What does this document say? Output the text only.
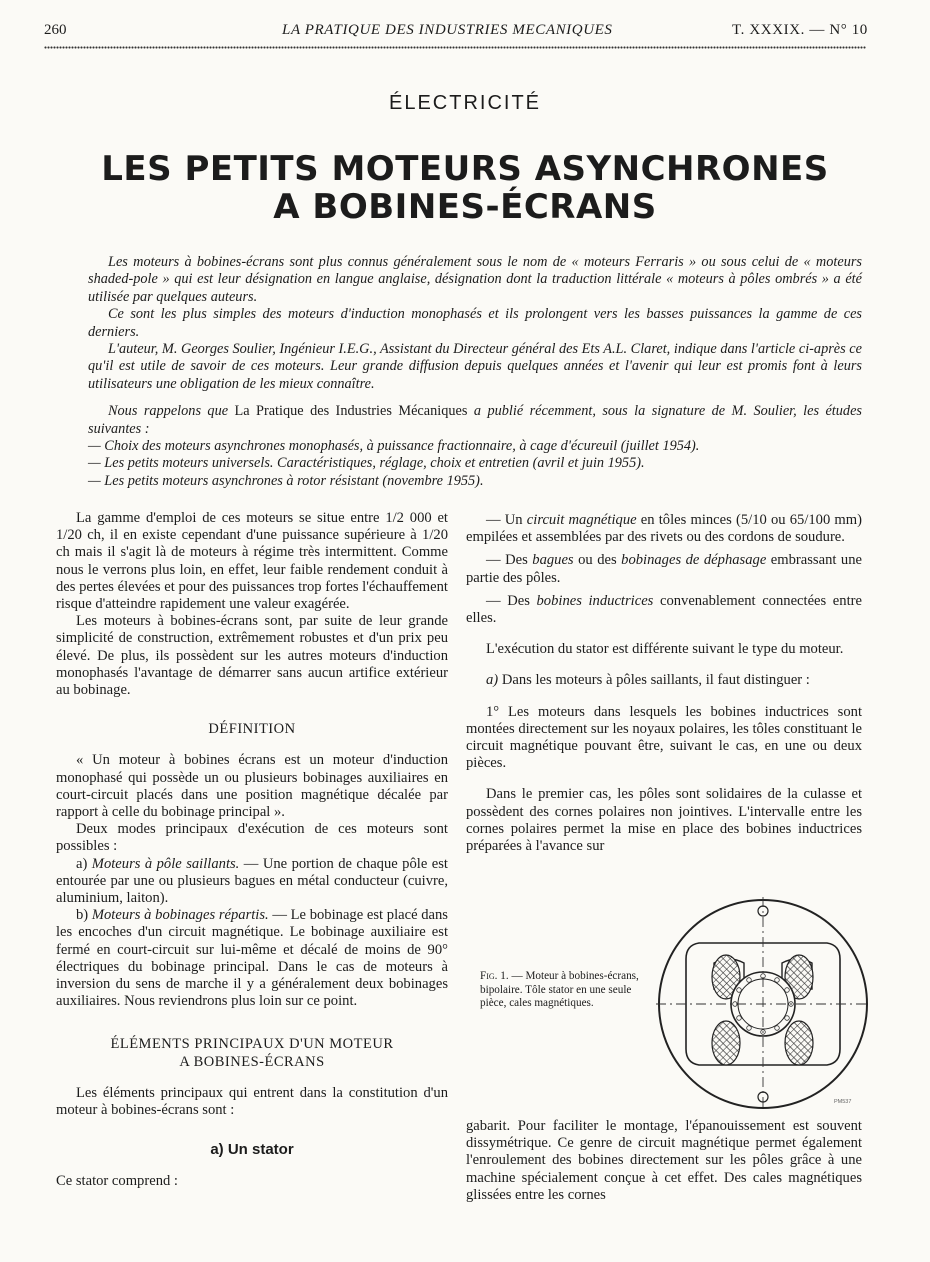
260	LA PRATIQUE DES INDUSTRIES MECANIQUES	T. XXXIX. — N° 10
ÉLECTRICITÉ
LES PETITS MOTEURS ASYNCHRONES
A BOBINES-ÉCRANS

Les moteurs à bobines-écrans sont plus connus généralement sous le nom de « moteurs Ferraris » ou sous celui de « moteurs shaded-pole » qui est leur désignation en langue anglaise, désignation dont la traduction littérale « moteurs à pôles ombrés » a été utilisée par quelques auteurs.

Ce sont les plus simples des moteurs d'induction monophasés et ils prolongent vers les basses puissances la gamme de ces derniers.

L'auteur, M. Georges Soulier, Ingénieur I.E.G., Assistant du Directeur général des Ets A.L. Claret, indique dans l'article ci-après ce qu'il est utile de savoir de ces moteurs. Leur grande diffusion depuis quelques années et l'avenir qui leur est promis font à leurs utilisateurs une obligation de les mieux connaître.

Nous rappelons que La Pratique des Industries Mécaniques a publié récemment, sous la signature de M. Soulier, les études suivantes :

— Choix des moteurs asynchrones monophasés, à puissance fractionnaire, à cage d'écureuil (juillet 1954).
— Les petits moteurs universels. Caractéristiques, réglage, choix et entretien (avril et juin 1955).
— Les petits moteurs asynchrones à rotor résistant (novembre 1955).

La gamme d'emploi de ces moteurs se situe entre 1/2 000 et 1/20 ch, il en existe cependant d'une puissance supérieure à 1/20 ch mais il s'agit là de moteurs à régime très intermittent. Comme nous le verrons plus loin, en effet, leur faible rendement conduit à des pertes élevées et pour des puissances trop fortes l'échauffement risque d'atteindre rapidement une valeur exagérée.

Les moteurs à bobines-écrans sont, par suite de leur grande simplicité de construction, extrêmement robustes et d'un prix peu élevé. De plus, ils possèdent sur les autres moteurs d'induction monophasés l'avantage de démarrer sans aucun artifice extérieur au bobinage.

DÉFINITION

« Un moteur à bobines écrans est un moteur d'induction monophasé qui possède un ou plusieurs bobinages auxiliaires en court-circuit placés dans une position magnétique décalée par rapport à celle du bobinage principal ».

Deux modes principaux d'exécution de ces moteurs sont possibles :

a) Moteurs à pôle saillants. — Une portion de chaque pôle est entourée par une ou plusieurs bagues en métal conducteur (cuivre, aluminium, laiton).

b) Moteurs à bobinages répartis. — Le bobinage est placé dans les encoches d'un circuit magnétique. Le bobinage auxiliaire est fermé en court-circuit sur lui-même et décalé de moins de 90° électriques du bobinage principal. Dans le cas de moteurs à inversion du sens de marche il y a généralement deux bobinages auxiliaires. Nous reviendrons plus loin sur ce point.

ÉLÉMENTS PRINCIPAUX D'UN MOTEUR

A BOBINES-ÉCRANS

Les éléments principaux qui entrent dans la constitution d'un moteur à bobines-écrans sont :

a) Un stator

Ce stator comprend :

— Un circuit magnétique en tôles minces (5/10 ou 65/100 mm) empilées et assemblées par des rivets ou des cordons de soudure.

— Des bagues ou des bobinages de déphasage embrassant une partie des pôles.

— Des bobines inductrices convenablement connectées entre elles.

L'exécution du stator est différente suivant le type du moteur.

a) Dans les moteurs à pôles saillants, il faut distinguer :

1° Les moteurs dans lesquels les bobines inductrices sont montées directement sur les noyaux polaires, les tôles constituant le circuit magnétique pouvant être, suivant le cas, en une ou deux pièces.

Dans le premier cas, les pôles sont solidaires de la culasse et possèdent des cornes polaires non jointives. L'intervalle entre les cornes polaires permet la mise en place des bobines inductrices préparées à l'avance sur

Fig. 1. — Moteur à bobines-écrans, bipolaire. Tôle stator en une seule pièce, cales magnétiques.
PM537

gabarit. Pour faciliter le montage, l'épanouissement est souvent dissymétrique. Ce genre de circuit magnétique permet également l'enroulement des bobines directement sur les pôles grâce à une machine spécialement conçue à cet effet. Des cales magnétiques glissées entre les cornes
